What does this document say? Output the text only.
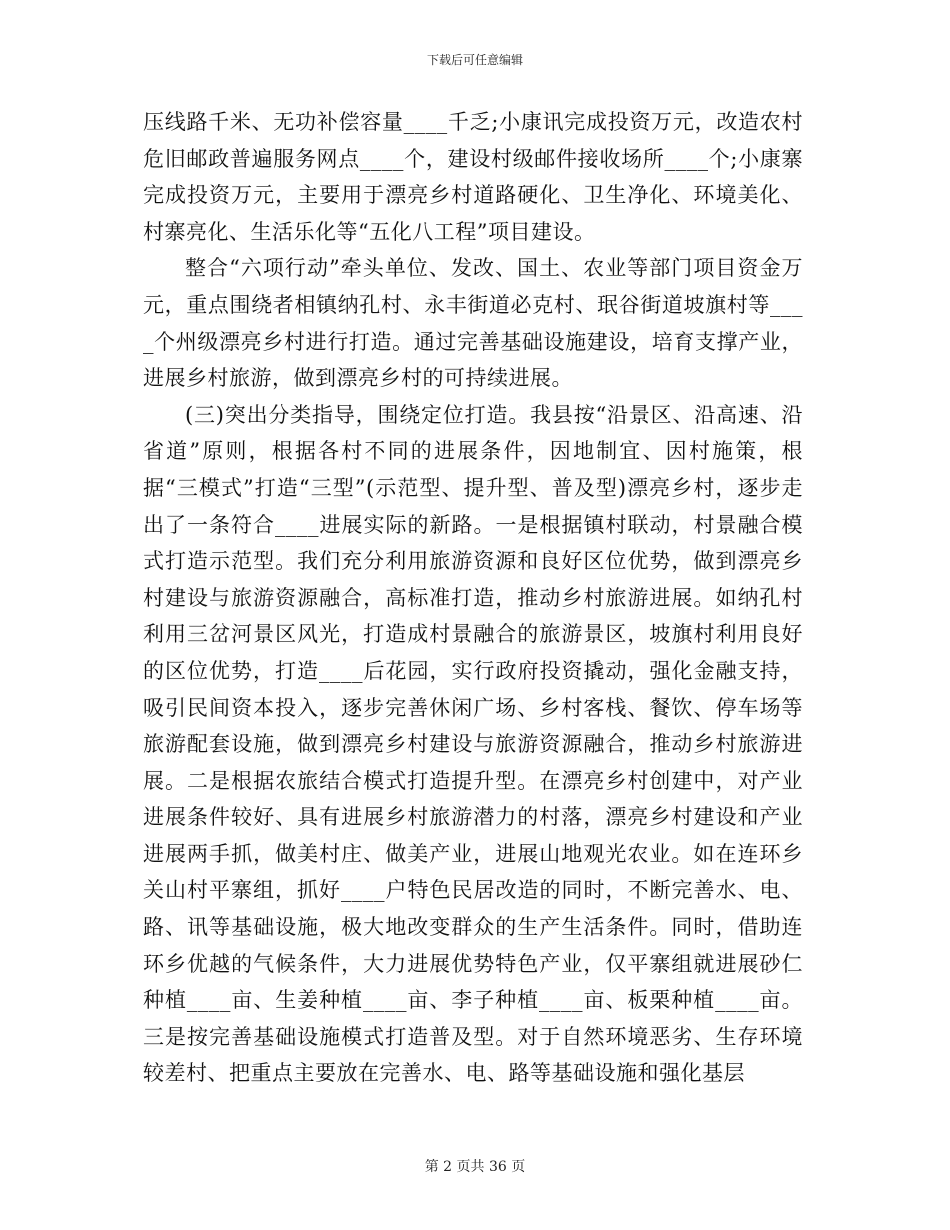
下载后可任意编辑

压线路千米、无功补偿容量____千乏;小康讯完成投资万元，改造农村危旧邮政普遍服务网点____个，建设村级邮件接收场所____个;小康寨完成投资万元，主要用于漂亮乡村道路硬化、卫生净化、环境美化、村寨亮化、生活乐化等“五化八工程”项目建设。

整合“六项行动”牵头单位、发改、国土、农业等部门项目资金万元，重点围绕者相镇纳孔村、永丰街道必克村、珉谷街道坡旗村等____个州级漂亮乡村进行打造。通过完善基础设施建设，培育支撑产业，进展乡村旅游，做到漂亮乡村的可持续进展。

(三)突出分类指导，围绕定位打造。我县按“沿景区、沿高速、沿省道”原则，根据各村不同的进展条件，因地制宜、因村施策，根据“三模式”打造“三型”(示范型、提升型、普及型)漂亮乡村，逐步走出了一条符合____进展实际的新路。一是根据镇村联动，村景融合模式打造示范型。我们充分利用旅游资源和良好区位优势，做到漂亮乡村建设与旅游资源融合，高标准打造，推动乡村旅游进展。如纳孔村利用三岔河景区风光，打造成村景融合的旅游景区，坡旗村利用良好的区位优势，打造____后花园，实行政府投资撬动，强化金融支持，吸引民间资本投入，逐步完善休闲广场、乡村客栈、餐饮、停车场等旅游配套设施，做到漂亮乡村建设与旅游资源融合，推动乡村旅游进展。二是根据农旅结合模式打造提升型。在漂亮乡村创建中，对产业进展条件较好、具有进展乡村旅游潜力的村落，漂亮乡村建设和产业进展两手抓，做美村庄、做美产业，进展山地观光农业。如在连环乡关山村平寨组，抓好____户特色民居改造的同时，不断完善水、电、路、讯等基础设施，极大地改变群众的生产生活条件。同时，借助连环乡优越的气候条件，大力进展优势特色产业，仅平寨组就进展砂仁种植____亩、生姜种植____亩、李子种植____亩、板栗种植____亩。三是按完善基础设施模式打造普及型。对于自然环境恶劣、生存环境较差村、把重点主要放在完善水、电、路等基础设施和强化基层

第 2 页共 36 页
